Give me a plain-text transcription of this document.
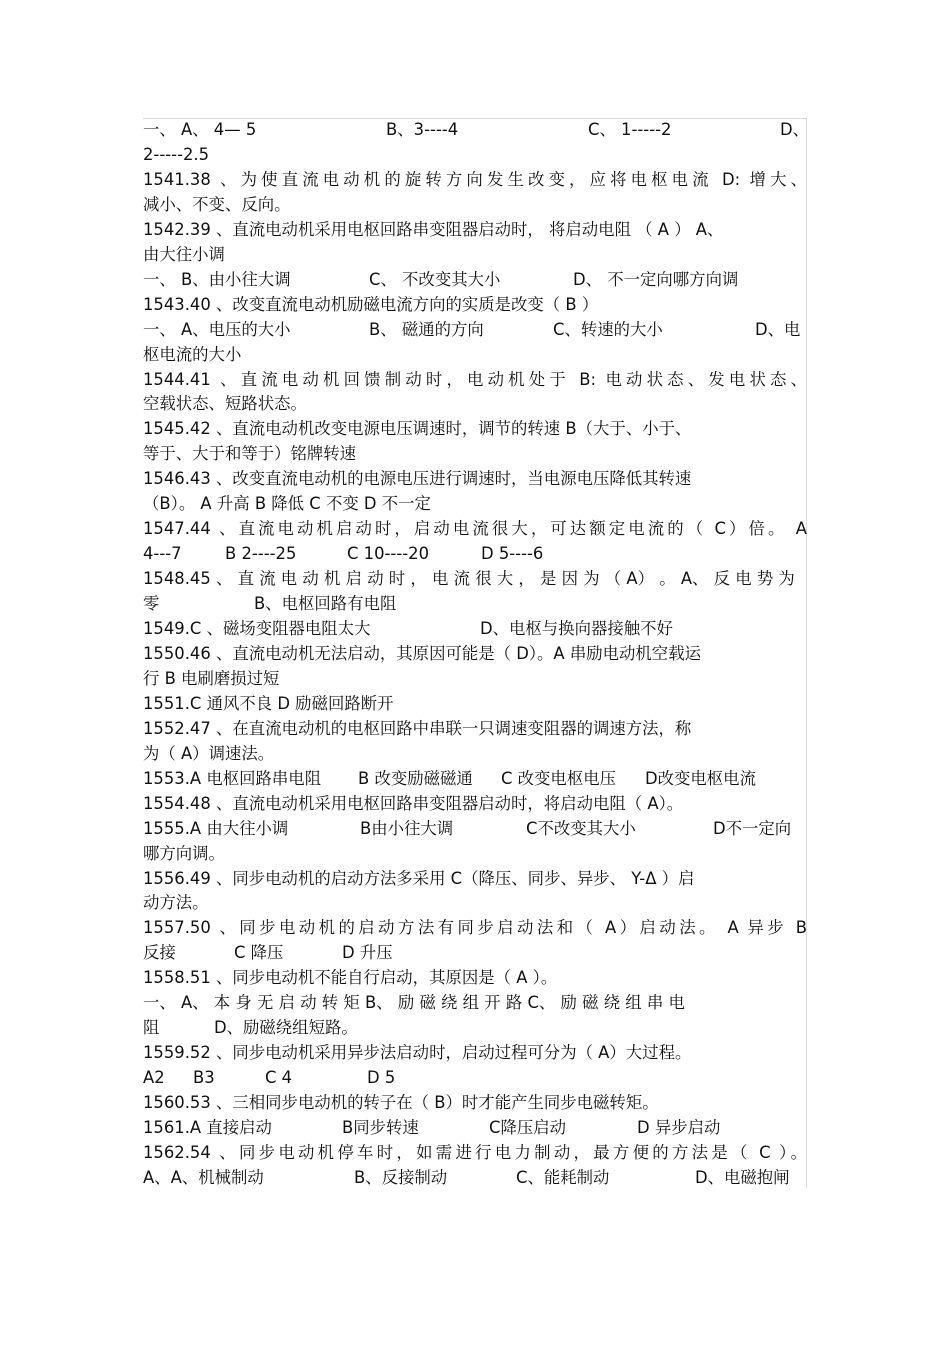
一、 A、 4— 5	B、3----4	C、 1-----2	D、
2-----2.5
1541.38 、为使直流电动机的旋转方向发生改变，应将电枢电流 D: 增大、
减小、不变、反向。
1542.39 、直流电动机采用电枢回路串变阻器启动时， 将启动电阻 （ A ） A、
由大往小调
一、 B、由小往大调	C、 不改变其大小	D、 不一定向哪方向调
1543.40 、改变直流电动机励磁电流方向的实质是改变（ B ）
一、 A、电压的大小	B、 磁通的方向	C、转速的大小	D、电
枢电流的大小
1544.41 、直流电动机回馈制动时，电动机处于 B: 电动状态、发电状态、
空载状态、短路状态。
1545.42 、直流电动机改变电源电压调速时，调节的转速 B（大于、小于、
等于、大于和等于）铭牌转速
1546.43 、改变直流电动机的电源电压进行调速时，当电源电压降低其转速
（B）。 A 升高 B 降低 C 不变 D 不一定
1547.44 、直流电动机启动时，启动电流很大，可达额定电流的（ C）倍。 A
4---7	B 2----25	C 10----20	D 5----6
1548.45 、 直 流 电 动 机 启 动 时 ， 电 流 很 大 ， 是 因 为 （ A） 。 A、 反 电 势 为
零	B、电枢回路有电阻
1549.C 、磁场变阻器电阻太大	D、电枢与换向器接触不好
1550.46 、直流电动机无法启动，其原因可能是（ D）。A 串励电动机空载运
行 B 电刷磨损过短
1551.C 通风不良 D 励磁回路断开
1552.47 、在直流电动机的电枢回路中串联一只调速变阻器的调速方法，称
为（ A）调速法。
1553.A 电枢回路串电阻 B 改变励磁磁通 C 改变电枢电压 D改变电枢电流
1554.48 、直流电动机采用电枢回路串变阻器启动时，将启动电阻（ A）。
1555.A 由大往小调	B由小往大调	C不改变其大小	D不一定向
哪方向调。
1556.49 、同步电动机的启动方法多采用 C（降压、同步、异步、 Y-Δ ）启
动方法。
1557.50 、同步电动机的启动方法有同步启动法和（ A）启动法。 A 异步 B
反接	C 降压	D 升压
1558.51 、同步电动机不能自行启动，其原因是（ A ）。
一、 A、 本 身 无 启 动 转 矩 B、 励 磁 绕 组 开 路 C、 励 磁 绕 组 串 电
阻	D、励磁绕组短路。
1559.52 、同步电动机采用异步法启动时，启动过程可分为（ A）大过程。
A2 B3	C 4	D 5
1560.53 、三相同步电动机的转子在（ B）时才能产生同步电磁转矩。
1561.A 直接启动	B同步转速	C降压启动	D 异步启动
1562.54 、同步电动机停车时，如需进行电力制动，最方便的方法是（ C ）。
A、A、机械制动	B、反接制动	C、能耗制动	D、电磁抱闸
